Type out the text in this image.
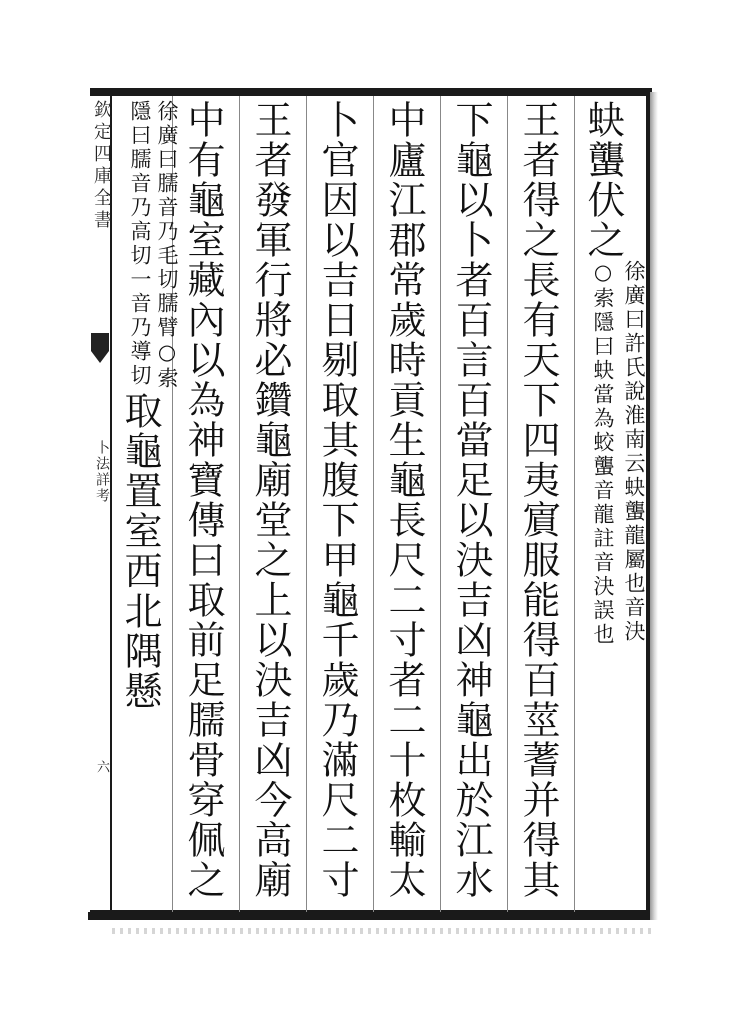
欽定四庫全書
卜法詳考
六
蚗蠪伏之徐廣曰許氏說淮南云蚗蠪龍屬也音決
○索隱曰蚗當為蛟蠪音龍註音決誤也
王者得之長有天下四夷賔服能得百莖蓍并得其
下龜以卜者百言百當足以決吉凶神龜出於江水
中廬江郡常歲時貢生龜長尺二寸者二十枚輸太
卜官因以吉日剔取其腹下甲龜千歲乃滿尺二寸
王者發軍行將必鑽龜廟堂之上以決吉凶今高廟
中有龜室藏內以為神寶傳曰取前足臑骨穿佩之
徐廣曰臑音乃毛切臑臂○索
隱曰臑音乃高切一音乃導切取龜置室西北隅懸
